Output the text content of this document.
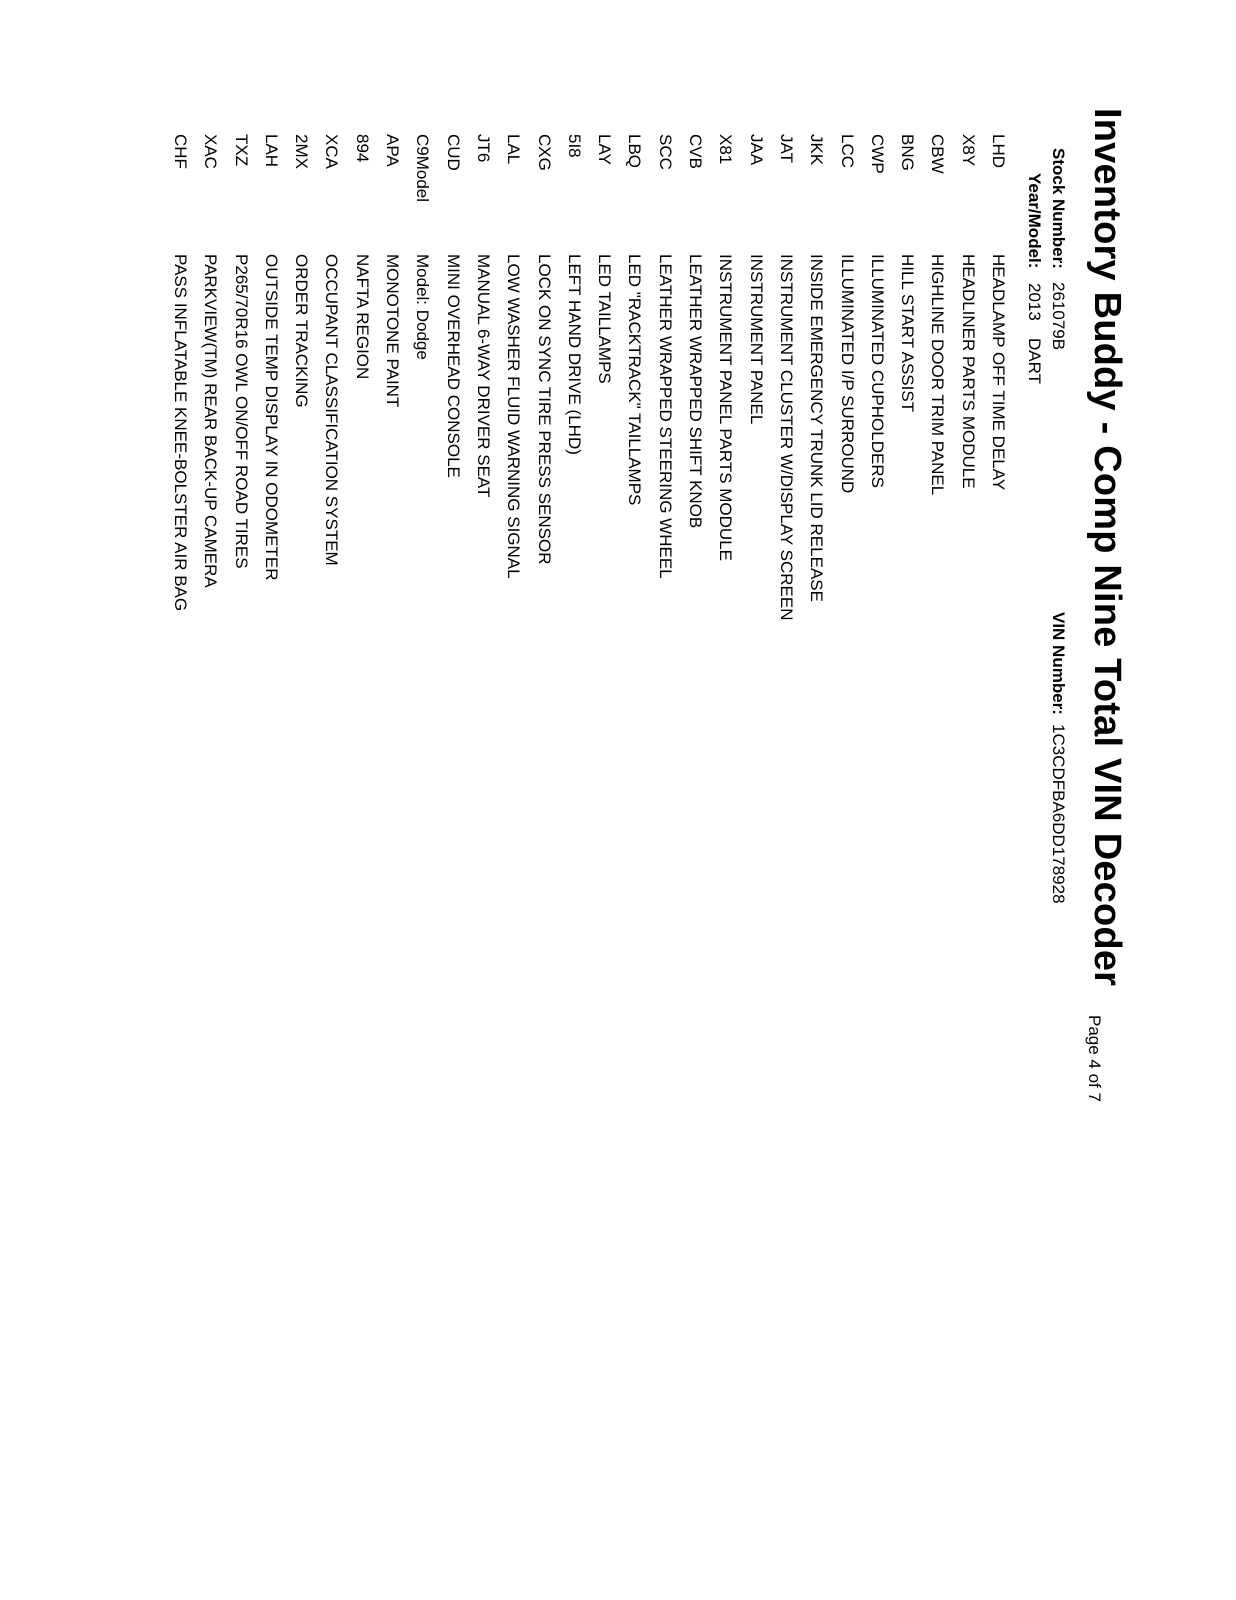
Inventory Buddy - Comp Nine Total VIN Decoder
Page 4 of 7
Stock Number:
261079B
Year/Model:
2013
DART
VIN Number:
1C3CDFBA6DD178928
LHD
HEADLAMP OFF TIME DELAY
X8Y
HEADLINER PARTS MODULE
CBW
HIGHLINE DOOR TRIM PANEL
BNG
HILL START ASSIST
CWP
ILLUMINATED CUPHOLDERS
LCC
ILLUMINATED I/P SURROUND
JKK
INSIDE EMERGENCY TRUNK LID RELEASE
JAT
INSTRUMENT CLUSTER W/DISPLAY SCREEN
JAA
INSTRUMENT PANEL
X81
INSTRUMENT PANEL PARTS MODULE
CVB
LEATHER WRAPPED SHIFT KNOB
SCC
LEATHER WRAPPED STEERING WHEEL
LBQ
LED "RACKTRACK" TAILLAMPS
LAY
LED TAILLAMPS
5I8
LEFT HAND DRIVE (LHD)
CXG
LOCK ON SYNC TIRE PRESS SENSOR
LAL
LOW WASHER FLUID WARNING SIGNAL
JT6
MANUAL 6-WAY DRIVER SEAT
CUD
MINI OVERHEAD CONSOLE
C9Model
Model: Dodge
APA
MONOTONE PAINT
894
NAFTA REGION
XCA
OCCUPANT CLASSIFICATION SYSTEM
2MX
ORDER TRACKING
LAH
OUTSIDE TEMP DISPLAY IN ODOMETER
TXZ
P265/70R16 OWL ON/OFF ROAD TIRES
XAC
PARKVIEW(TM) REAR BACK-UP CAMERA
CHF
PASS INFLATABLE KNEE-BOLSTER AIR BAG
